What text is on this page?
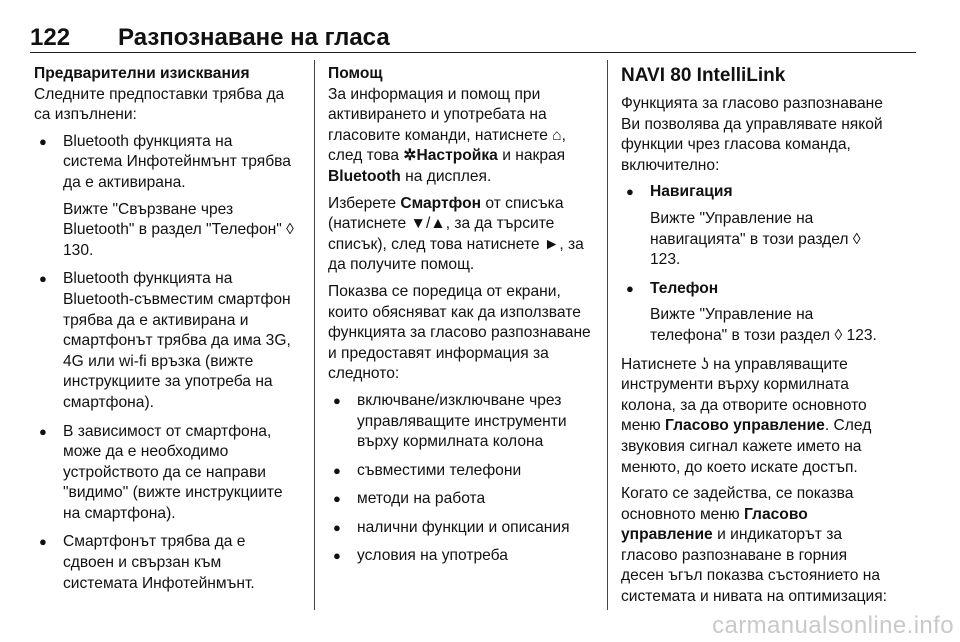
122 Разпознаване на гласа

Предварителни изисквания

Следните предпоставки трябва да са изпълнени:

● Bluetooth функцията на система Инфотейнмънт трябва да е активирана.
Вижте "Свързване чрез Bluetooth" в раздел "Телефон" ◊ 130.
● Bluetooth функцията на Bluetooth-съвместим смартфон трябва да е активирана и смартфонът трябва да има 3G, 4G или wi-fi връзка (вижте инструкциите за употреба на смартфона).
● В зависимост от смартфона, може да е необходимо устройството да се направи "видимо" (вижте инструкциите на смартфона).
● Смартфонът трябва да е сдвоен и свързан към системата Инфотейнмънт.

Помощ

За информация и помощ при активирането и употребата на гласовите команди, натиснете ⌂, след това ✲Настройка и накрая Bluetooth на дисплея.

Изберете Смартфон от списъка (натиснете ▼/▲, за да търсите списък), след това натиснете ►, за да получите помощ.

Показва се поредица от екрани, които обясняват как да използвате функцията за гласово разпознаване и предоставят информация за следното:

● включване/изключване чрез управляващите инструменти върху кормилната колона
● съвместими телефони
● методи на работа
● налични функции и описания
● условия на употреба
NAVI 80 IntelliLink

Функцията за гласово разпознаване Ви позволява да управлявате някой функции чрез гласова команда, включително:

● Навигация
Вижте "Управление на навигацията" в този раздел ◊ 123.
● Телефон
Вижте "Управление на телефона" в този раздел ◊ 123.

Натиснете ʖ на управляващите инструменти върху кормилната колона, за да отворите основното меню Гласово управление. След звуковия сигнал кажете името на менюто, до което искате достъп.

Когато се задейства, се показва основното меню Гласово управление и индикаторът за гласово разпознаване в горния десен ъгъл показва състоянието на системата и нивата на оптимизация:

carmanualsonline.info
